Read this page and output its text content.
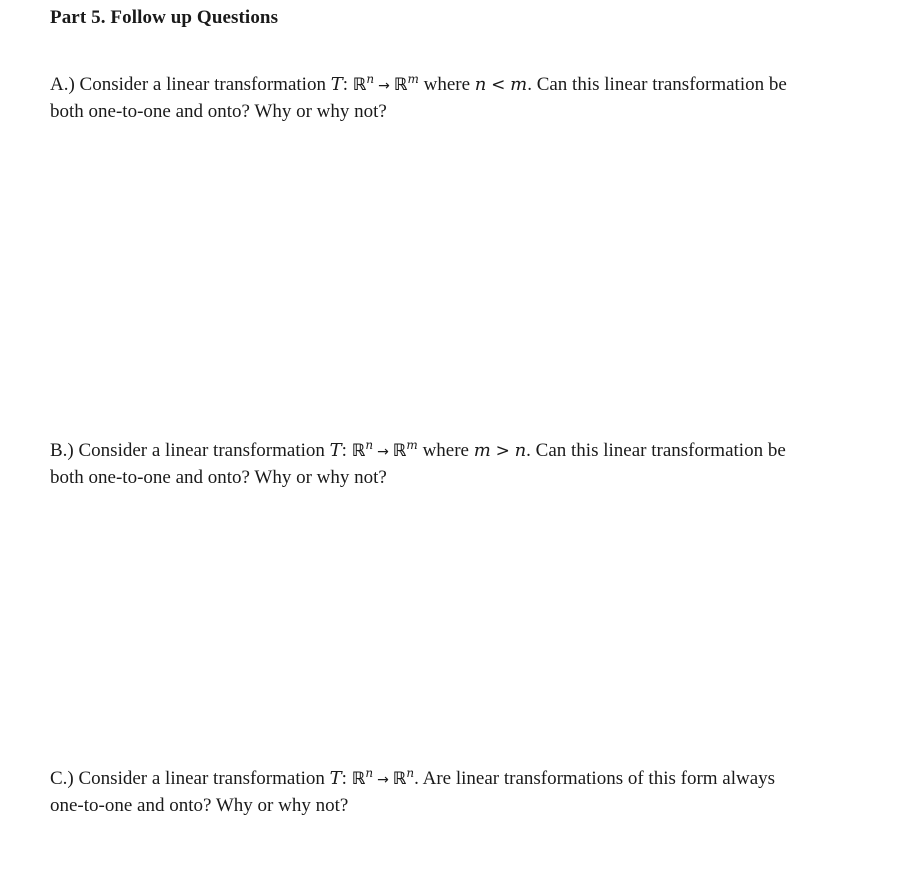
Part 5. Follow up Questions
A.) Consider a linear transformation T: ℝ$^n$ → ℝ$^m$ where n < m. Can this linear transformation be
both one-to-one and onto? Why or why not?
B.) Consider a linear transformation T: ℝ$^n$ → ℝ$^m$ where m > n. Can this linear transformation be
both one-to-one and onto? Why or why not?
C.) Consider a linear transformation T: ℝ$^n$ → ℝ$^n$. Are linear transformations of this form always
one-to-one and onto? Why or why not?
